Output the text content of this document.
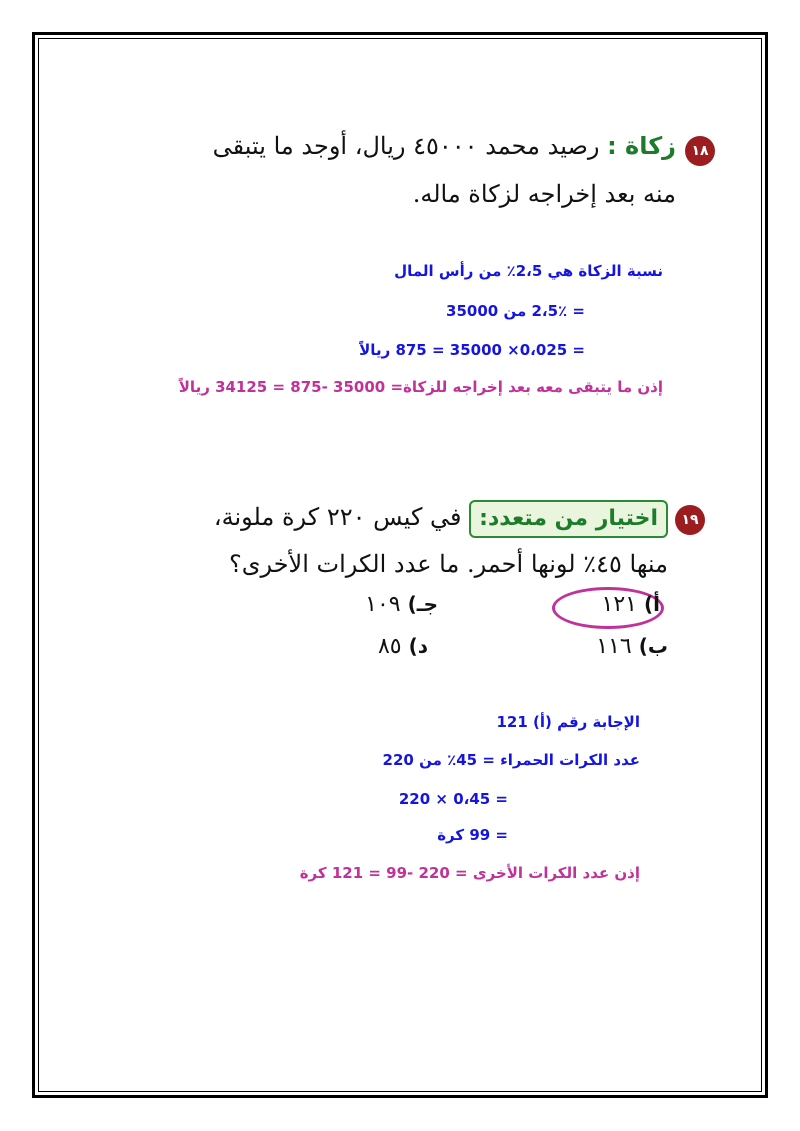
١٨
زكاة : رصيد محمد ٤٥٠٠٠ ريال، أوجد ما يتبقى
منه بعد إخراجه لزكاة ماله.
نسبة الزكاة هي 2،5٪ من رأس المال
= 2،5٪ من 35000
= 0،025× 35000 = 875 ريالاً
إذن ما يتبقى معه بعد إخراجه للزكاة= 35000 -875 = 34125 ريالاً
١٩
اختيار من متعدد: في كيس ٢٢٠ كرة ملونة،
منها ٤٥٪ لونها أحمر. ما عدد الكرات الأخرى؟
أ) ١٢١
جـ) ١٠٩
ب) ١١٦
د) ٨٥
الإجابة رقم (أ) 121
عدد الكرات الحمراء = 45٪ من 220
= 0،45 × 220
= 99 كرة
إذن عدد الكرات الأخرى = 220 -99 = 121 كرة
